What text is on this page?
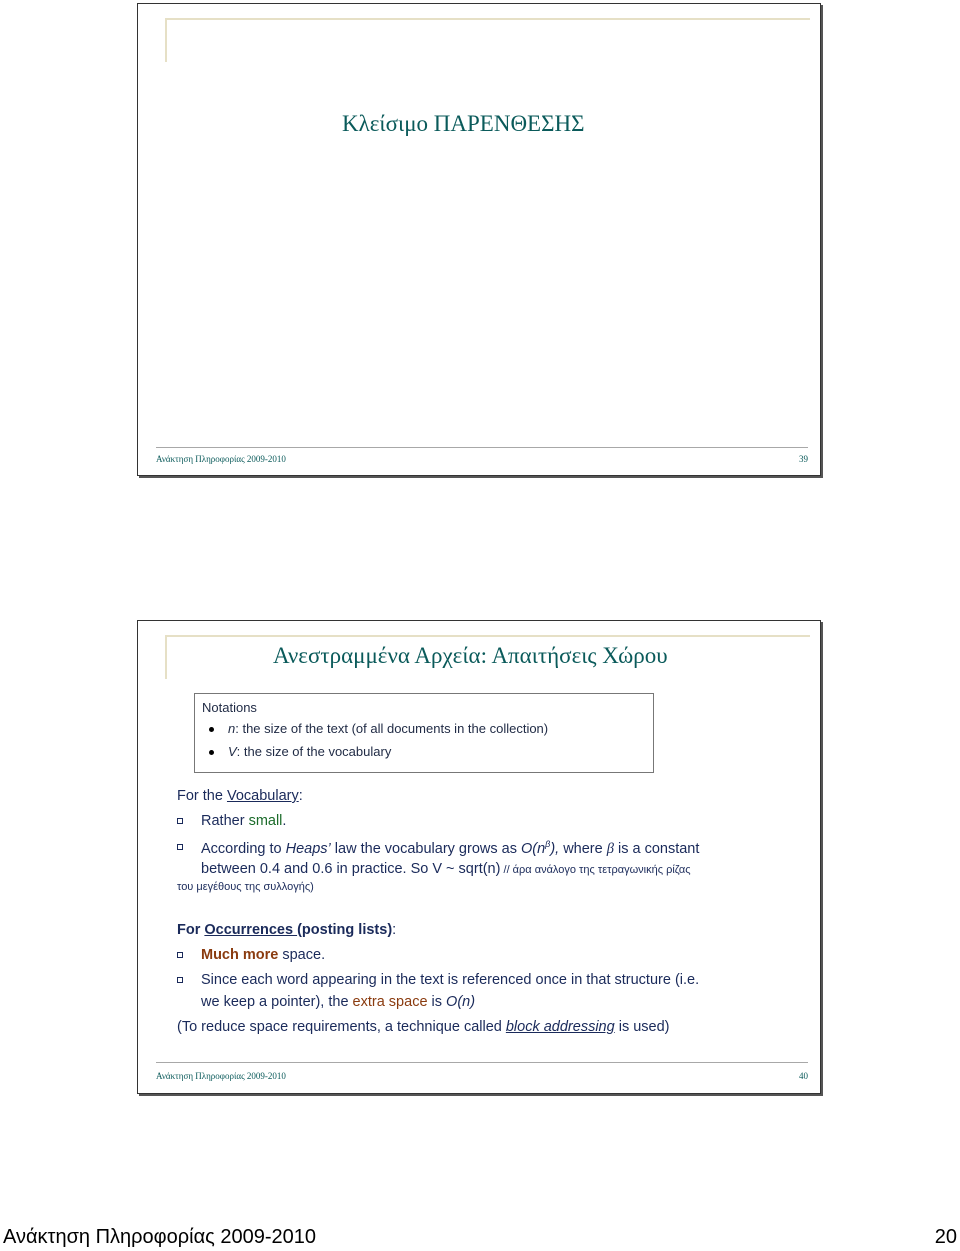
Κλείσιμο ΠΑΡΕΝΘΕΣΗΣ
Ανάκτηση Πληροφορίας 2009-2010	39
Ανεστραμμένα Αρχεία: Απαιτήσεις Χώρου
Notations
n: the size of the text (of all documents in the collection)
V: the size of the vocabulary
For the Vocabulary:
Rather small.
According to Heaps’ law the vocabulary grows as $O(n^\beta)$, where β is a constant
between 0.4 and 0.6 in practice. So V ~ sqrt(n) // άρα ανάλογο της τετραγωνικής ρίζας
του μεγέθους της συλλογής)
For Occurrences (posting lists):
Much more space.
Since each word appearing in the text is referenced once in that structure (i.e.
we keep a pointer), the extra space is O(n)
(To reduce space requirements, a technique called block addressing is used)
Ανάκτηση Πληροφορίας 2009-2010	40
Ανάκτηση Πληροφορίας 2009-2010	20
